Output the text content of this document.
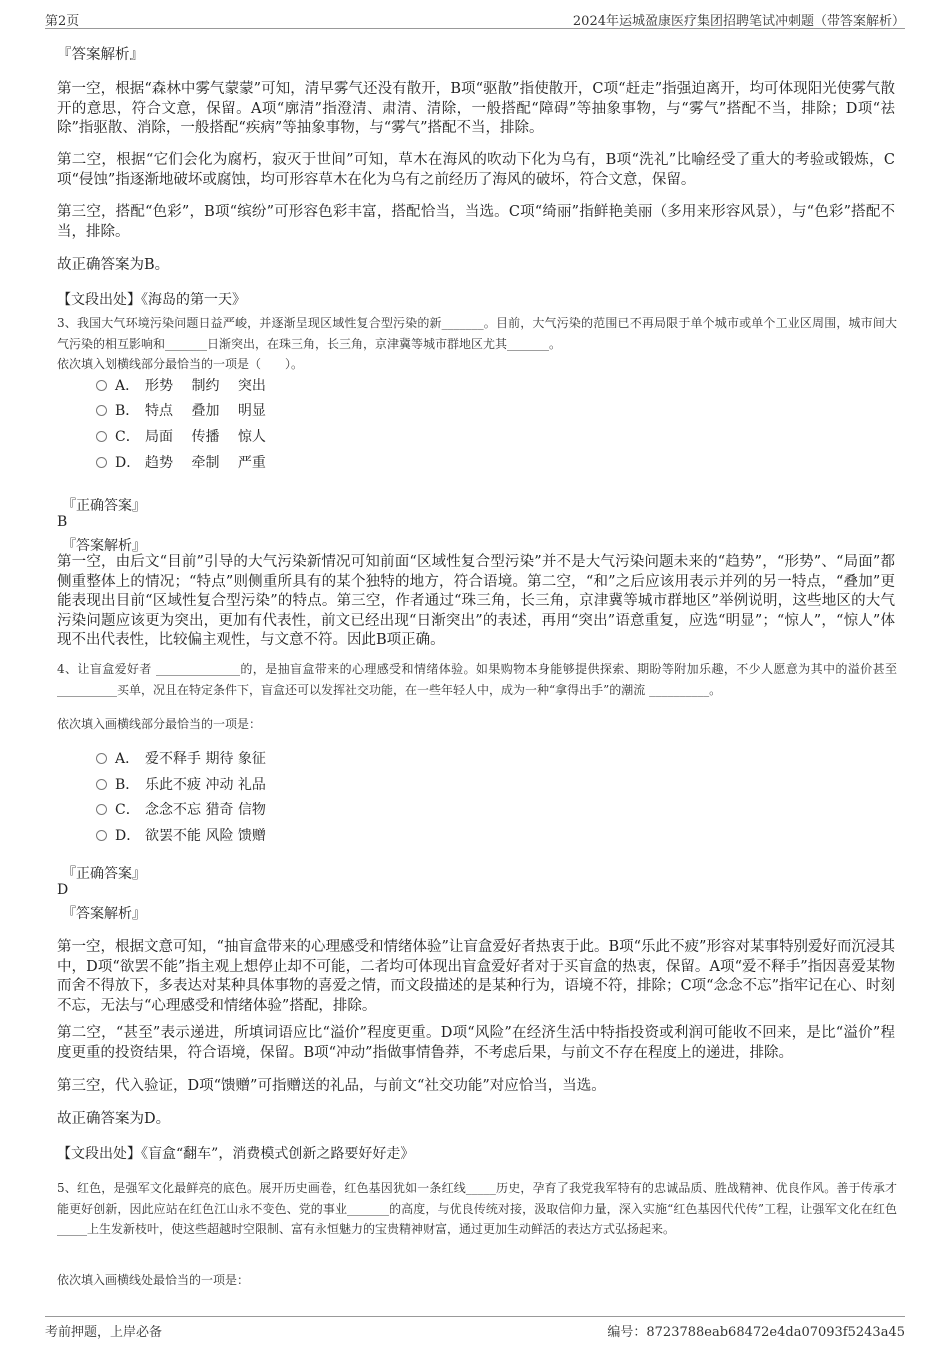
第2页	2024年运城盈康医疗集团招聘笔试冲刺题（带答案解析）

『答案解析』

第一空，根据“森林中雾气蒙蒙”可知，清早雾气还没有散开，B项“驱散”指使散开，C项“赶走”指强迫离开，均可体现阳光使雾气散开的意思，符合文意，保留。A项“廓清”指澄清、肃清、清除，一般搭配“障碍”等抽象事物，与“雾气”搭配不当，排除；D项“祛除”指驱散、消除，一般搭配“疾病”等抽象事物，与“雾气”搭配不当，排除。

第二空，根据“它们会化为腐朽，寂灭于世间”可知，草木在海风的吹动下化为乌有，B项“洗礼”比喻经受了重大的考验或锻炼，C项“侵蚀”指逐渐地破坏或腐蚀，均可形容草木在化为乌有之前经历了海风的破坏，符合文意，保留。

第三空，搭配“色彩”，B项“缤纷”可形容色彩丰富，搭配恰当，当选。C项“绮丽”指鲜艳美丽（多用来形容风景），与“色彩”搭配不当，排除。

故正确答案为B。

【文段出处】《海岛的第一天》
3、我国大气环境污染问题日益严峻，并逐渐呈现区域性复合型污染的新_______。目前，大气污染的范围已不再局限于单个城市或单个工业区周围，城市间大气污染的相互影响和_______日渐突出，在珠三角，长三角，京津冀等城市群地区尤其_______。
依次填入划横线部分最恰当的一项是（　　）。
A． 形势　 制约　 突出
B． 特点　 叠加　 明显
C． 局面　 传播　 惊人
D． 趋势　 牵制　 严重
『正确答案』
B
『答案解析』

第一空，由后文“目前”引导的大气污染新情况可知前面“区域性复合型污染”并不是大气污染问题未来的“趋势”，“形势”、“局面”都侧重整体上的情况；“特点”则侧重所具有的某个独特的地方，符合语境。第二空，“和”之后应该用表示并列的另一特点，“叠加”更能表现出目前“区域性复合型污染”的特点。第三空，作者通过“珠三角，长三角，京津冀等城市群地区”举例说明，这些地区的大气污染问题应该更为突出，更加有代表性，前文已经出现“日渐突出”的表述，再用“突出”语意重复，应选“明显”；“惊人”，“惊人”体现不出代表性，比较偏主观性，与文意不符。因此B项正确。

4、让盲盒爱好者 ______________的，是抽盲盒带来的心理感受和情绪体验。如果购物本身能够提供探索、期盼等附加乐趣，不少人愿意为其中的溢价甚至 __________买单，况且在特定条件下，盲盒还可以发挥社交功能，在一些年轻人中，成为一种“拿得出手”的潮流 __________。
依次填入画横线部分最恰当的一项是：
A． 爱不释手 期待 象征
B． 乐此不疲 冲动 礼品
C． 念念不忘 猎奇 信物
D． 欲罢不能 风险 馈赠
『正确答案』
D
『答案解析』

第一空，根据文意可知，“抽盲盒带来的心理感受和情绪体验”让盲盒爱好者热衷于此。B项“乐此不疲”形容对某事特别爱好而沉浸其中，D项“欲罢不能”指主观上想停止却不可能，二者均可体现出盲盒爱好者对于买盲盒的热衷，保留。A项“爱不释手”指因喜爱某物而舍不得放下，多表达对某种具体事物的喜爱之情，而文段描述的是某种行为，语境不符，排除；C项“念念不忘”指牢记在心、时刻不忘，无法与“心理感受和情绪体验”搭配，排除。

第二空，“甚至”表示递进，所填词语应比“溢价”程度更重。D项“风险”在经济生活中特指投资或利润可能收不回来，是比“溢价”程度更重的投资结果，符合语境，保留。B项“冲动”指做事情鲁莽，不考虑后果，与前文不存在程度上的递进，排除。

第三空，代入验证，D项“馈赠”可指赠送的礼品，与前文“社交功能”对应恰当，当选。

故正确答案为D。

【文段出处】《盲盒“翻车”，消费模式创新之路要好好走》
5、红色，是强军文化最鲜亮的底色。展开历史画卷，红色基因犹如一条红线_____历史，孕育了我党我军特有的忠诚品质、胜战精神、优良作风。善于传承才能更好创新，因此应站在红色江山永不变色、党的事业_______的高度，与优良传统对接，汲取信仰力量，深入实施“红色基因代代传”工程，让强军文化在红色_____上生发新枝叶，使这些超越时空限制、富有永恒魅力的宝贵精神财富，通过更加生动鲜活的表达方式弘扬起来。
依次填入画横线处最恰当的一项是：
考前押题，上岸必备	编号：8723788eab68472e4da07093f5243a45
